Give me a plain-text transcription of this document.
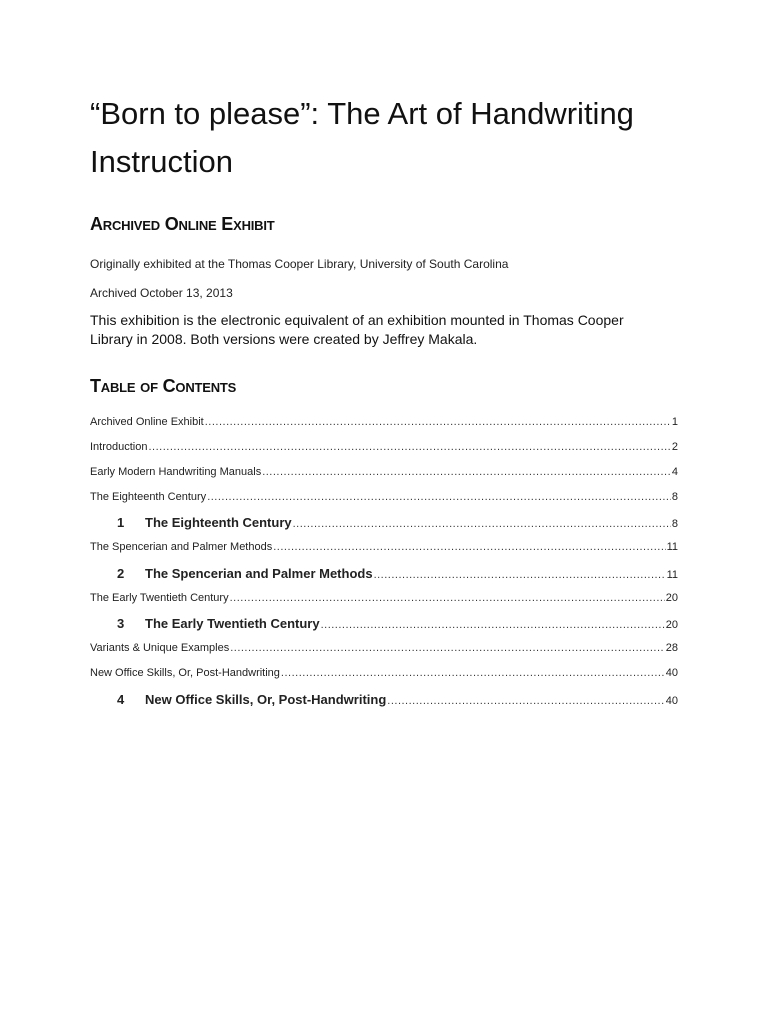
“Born to please”: The Art of Handwriting Instruction
Archived Online Exhibit
Originally exhibited at the Thomas Cooper Library, University of South Carolina
Archived October 13, 2013

This exhibition is the electronic equivalent of an exhibition mounted in Thomas Cooper Library in 2008. Both versions were created by Jeffrey Makala.

Table of Contents
Archived Online Exhibit .....	1
Introduction .....	2
Early Modern Handwriting Manuals .....	4
The Eighteenth Century .....	8
1	The Eighteenth Century .....	8
The Spencerian and Palmer Methods .....	11
2	The Spencerian and Palmer Methods .....	11
The Early Twentieth Century .....	20
3	The Early Twentieth Century .....	20
Variants & Unique Examples .....	28
New Office Skills, Or, Post-Handwriting .....	40
4	New Office Skills, Or, Post-Handwriting .....	40
